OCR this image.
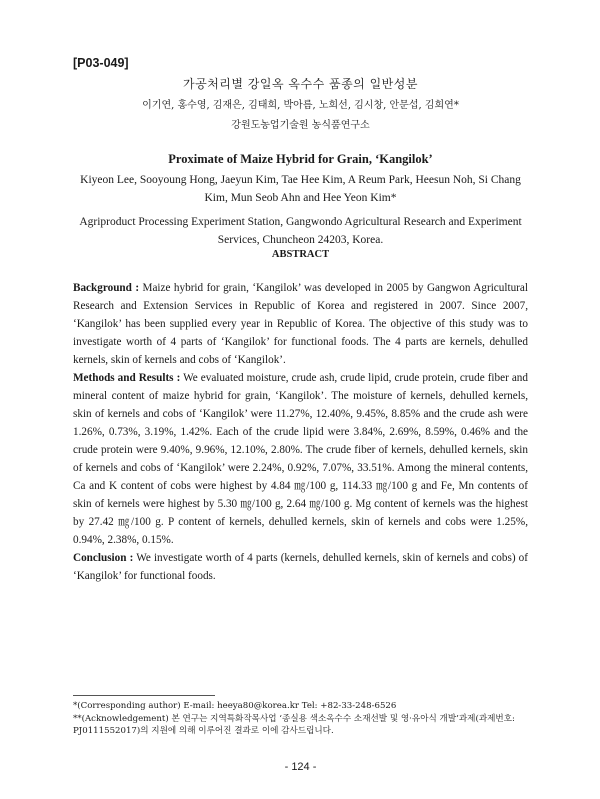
[P03-049]
가공처리별 강일옥 옥수수 품종의 일반성분
이기연, 홍수영, 김재은, 김태희, 박아름, 노희선, 김시창, 안문섭, 김희연*
강원도농업기술원 농식품연구소
Proximate of Maize Hybrid for Grain, ‘Kangilok’
Kiyeon Lee, Sooyoung Hong, Jaeyun Kim, Tae Hee Kim, A Reum Park, Heesun Noh, Si Chang Kim, Mun Seob Ahn and Hee Yeon Kim*
Agriproduct Processing Experiment Station, Gangwondo Agricultural Research and Experiment Services, Chuncheon 24203, Korea.
ABSTRACT

Background : Maize hybrid for grain, ‘Kangilok’ was developed in 2005 by Gangwon Agricultural Research and Extension Services in Republic of Korea and registered in 2007. Since 2007, ‘Kangilok’ has been supplied every year in Republic of Korea. The objective of this study was to investigate worth of 4 parts of ‘Kangilok’ for functional foods. The 4 parts are kernels, dehulled kernels, skin of kernels and cobs of ‘Kangilok’.

Methods and Results : We evaluated moisture, crude ash, crude lipid, crude protein, crude fiber and mineral content of maize hybrid for grain, ‘Kangilok’. The moisture of kernels, dehulled kernels, skin of kernels and cobs of ‘Kangilok’ were 11.27%, 12.40%, 9.45%, 8.85% and the crude ash were 1.26%, 0.73%, 3.19%, 1.42%. Each of the crude lipid were 3.84%, 2.69%, 8.59%, 0.46% and the crude protein were 9.40%, 9.96%, 12.10%, 2.80%. The crude fiber of kernels, dehulled kernels, skin of kernels and cobs of ‘Kangilok’ were 2.24%, 0.92%, 7.07%, 33.51%. Among the mineral contents, Ca and K content of cobs were highest by 4.84 ㎎/100 g, 114.33 ㎎/100 g and Fe, Mn contents of skin of kernels were highest by 5.30 ㎎/100 g, 2.64 ㎎/100 g. Mg content of kernels was the highest by 27.42 ㎎/100 g. P content of kernels, dehulled kernels, skin of kernels and cobs were 1.25%, 0.94%, 2.38%, 0.15%.

Conclusion : We investigate worth of 4 parts (kernels, dehulled kernels, skin of kernels and cobs) of ‘Kangilok’ for functional foods.

*(Corresponding author) E-mail: heeya80@korea.kr Tel: +82-33-248-6526
**(Acknowledgement) 본 연구는 지역특화작목사업 ‘종실용 색소옥수수 소재선발 및 영·유아식 개발’과제(과제번호: PJ0111552017)의 지원에 의해 이루어진 결과로 이에 감사드립니다.
- 124 -
